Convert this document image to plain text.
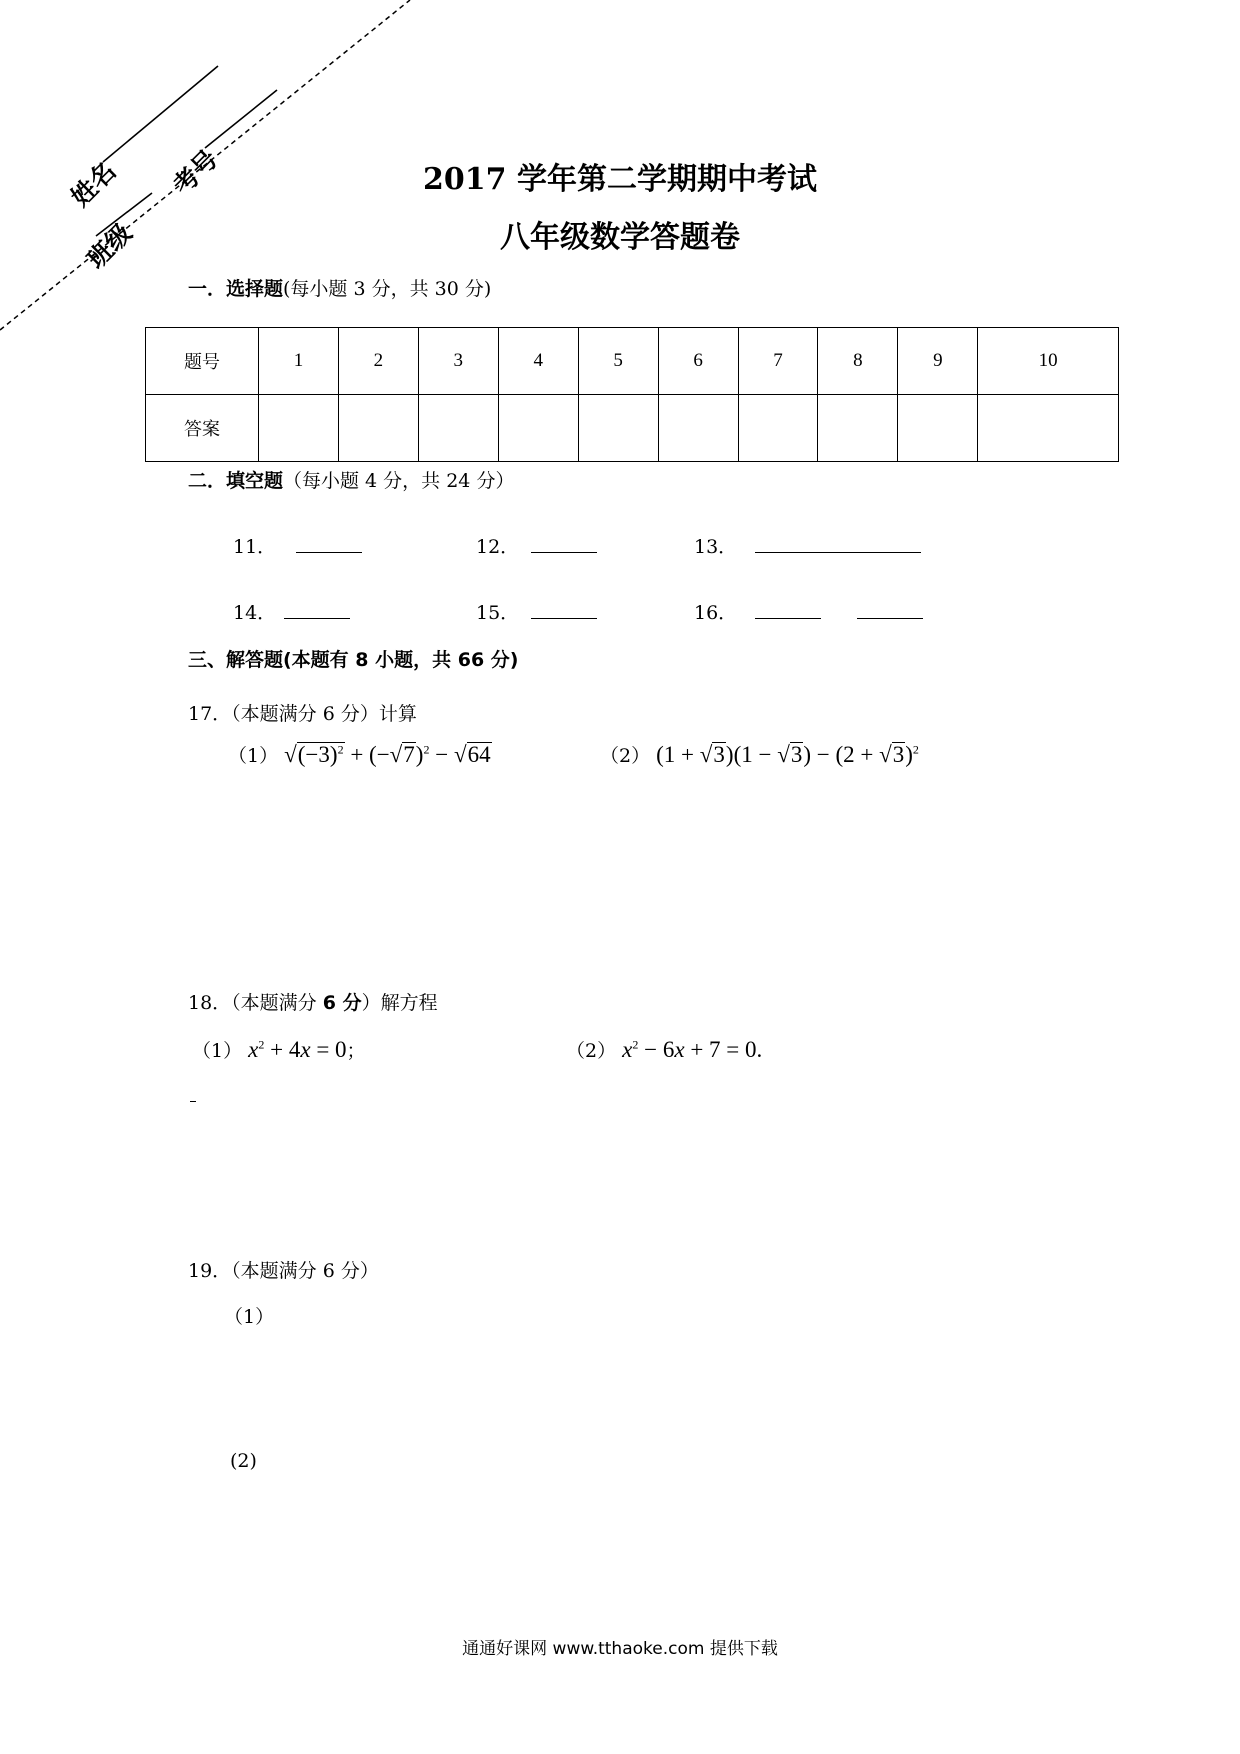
姓名 考号
班级
2017 学年第二学期期中考试
八年级数学答题卷
一．选择题(每小题 3 分，共 30 分)
题号	1	2	3	4	5	6	7	8	9	10
答案										
二．填空题（每小题 4 分，共 24 分）
11．	12．	13．
14．	15．	16．
三、解答题(本题有 8 小题，共 66 分)
17．（本题满分 6 分）计算
（1） $√(-3)^2 + (-√7)^2 - √64$	（2） $(1 + √3)(1 - √3) - (2 + √3)^2$
18．（本题满分 6 分）解方程
（1） $x^2 + 4x = 0$；	（2） $x^2 - 6x + 7 = 0$.
19．（本题满分 6 分）
（1）
(2)
通通好课网 www.tthaoke.com 提供下载
